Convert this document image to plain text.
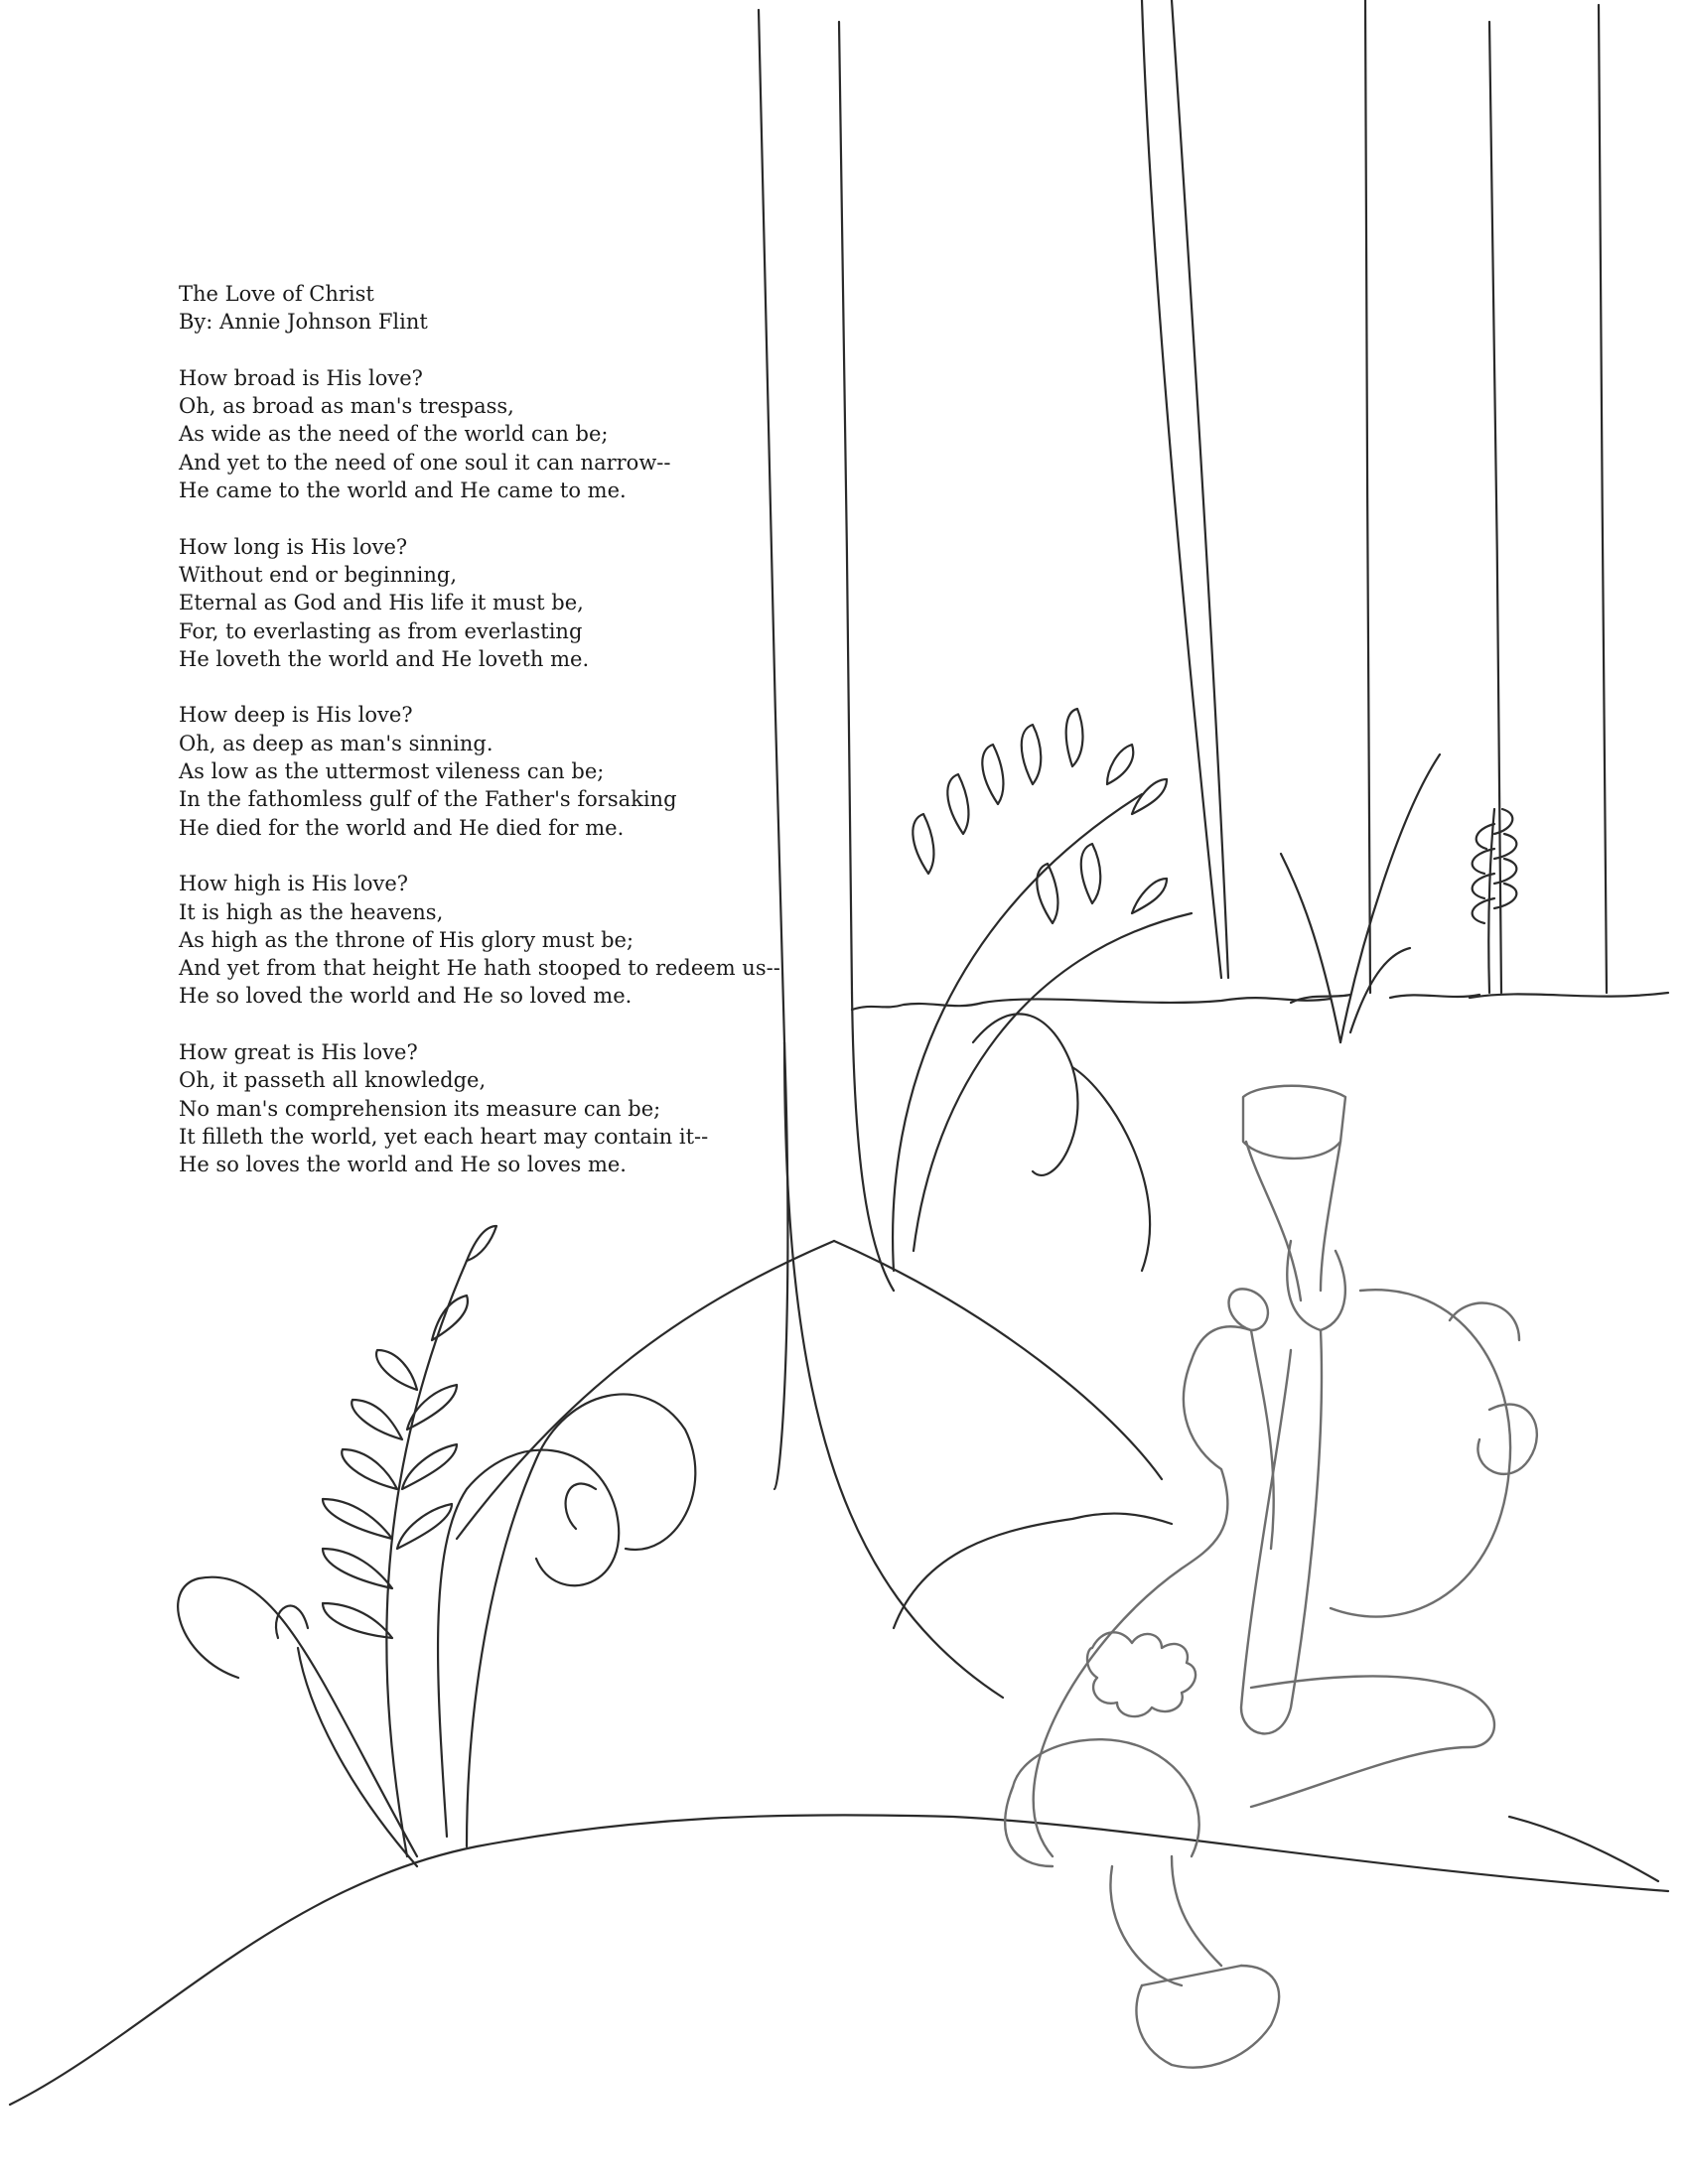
The Love of Christ
By: Annie Johnson Flint
How broad is His love?
Oh, as broad as man's trespass,
As wide as the need of the world can be;
And yet to the need of one soul it can narrow--
He came to the world and He came to me.
How long is His love?
Without end or beginning,
Eternal as God and His life it must be,
For, to everlasting as from everlasting
He loveth the world and He loveth me.
How deep is His love?
Oh, as deep as man's sinning.
As low as the uttermost vileness can be;
In the fathomless gulf of the Father's forsaking
He died for the world and He died for me.
How high is His love?
It is high as the heavens,
As high as the throne of His glory must be;
And yet from that height He hath stooped to redeem us--
He so loved the world and He so loved me.
How great is His love?
Oh, it passeth all knowledge,
No man's comprehension its measure can be;
It filleth the world, yet each heart may contain it--
He so loves the world and He so loves me.
